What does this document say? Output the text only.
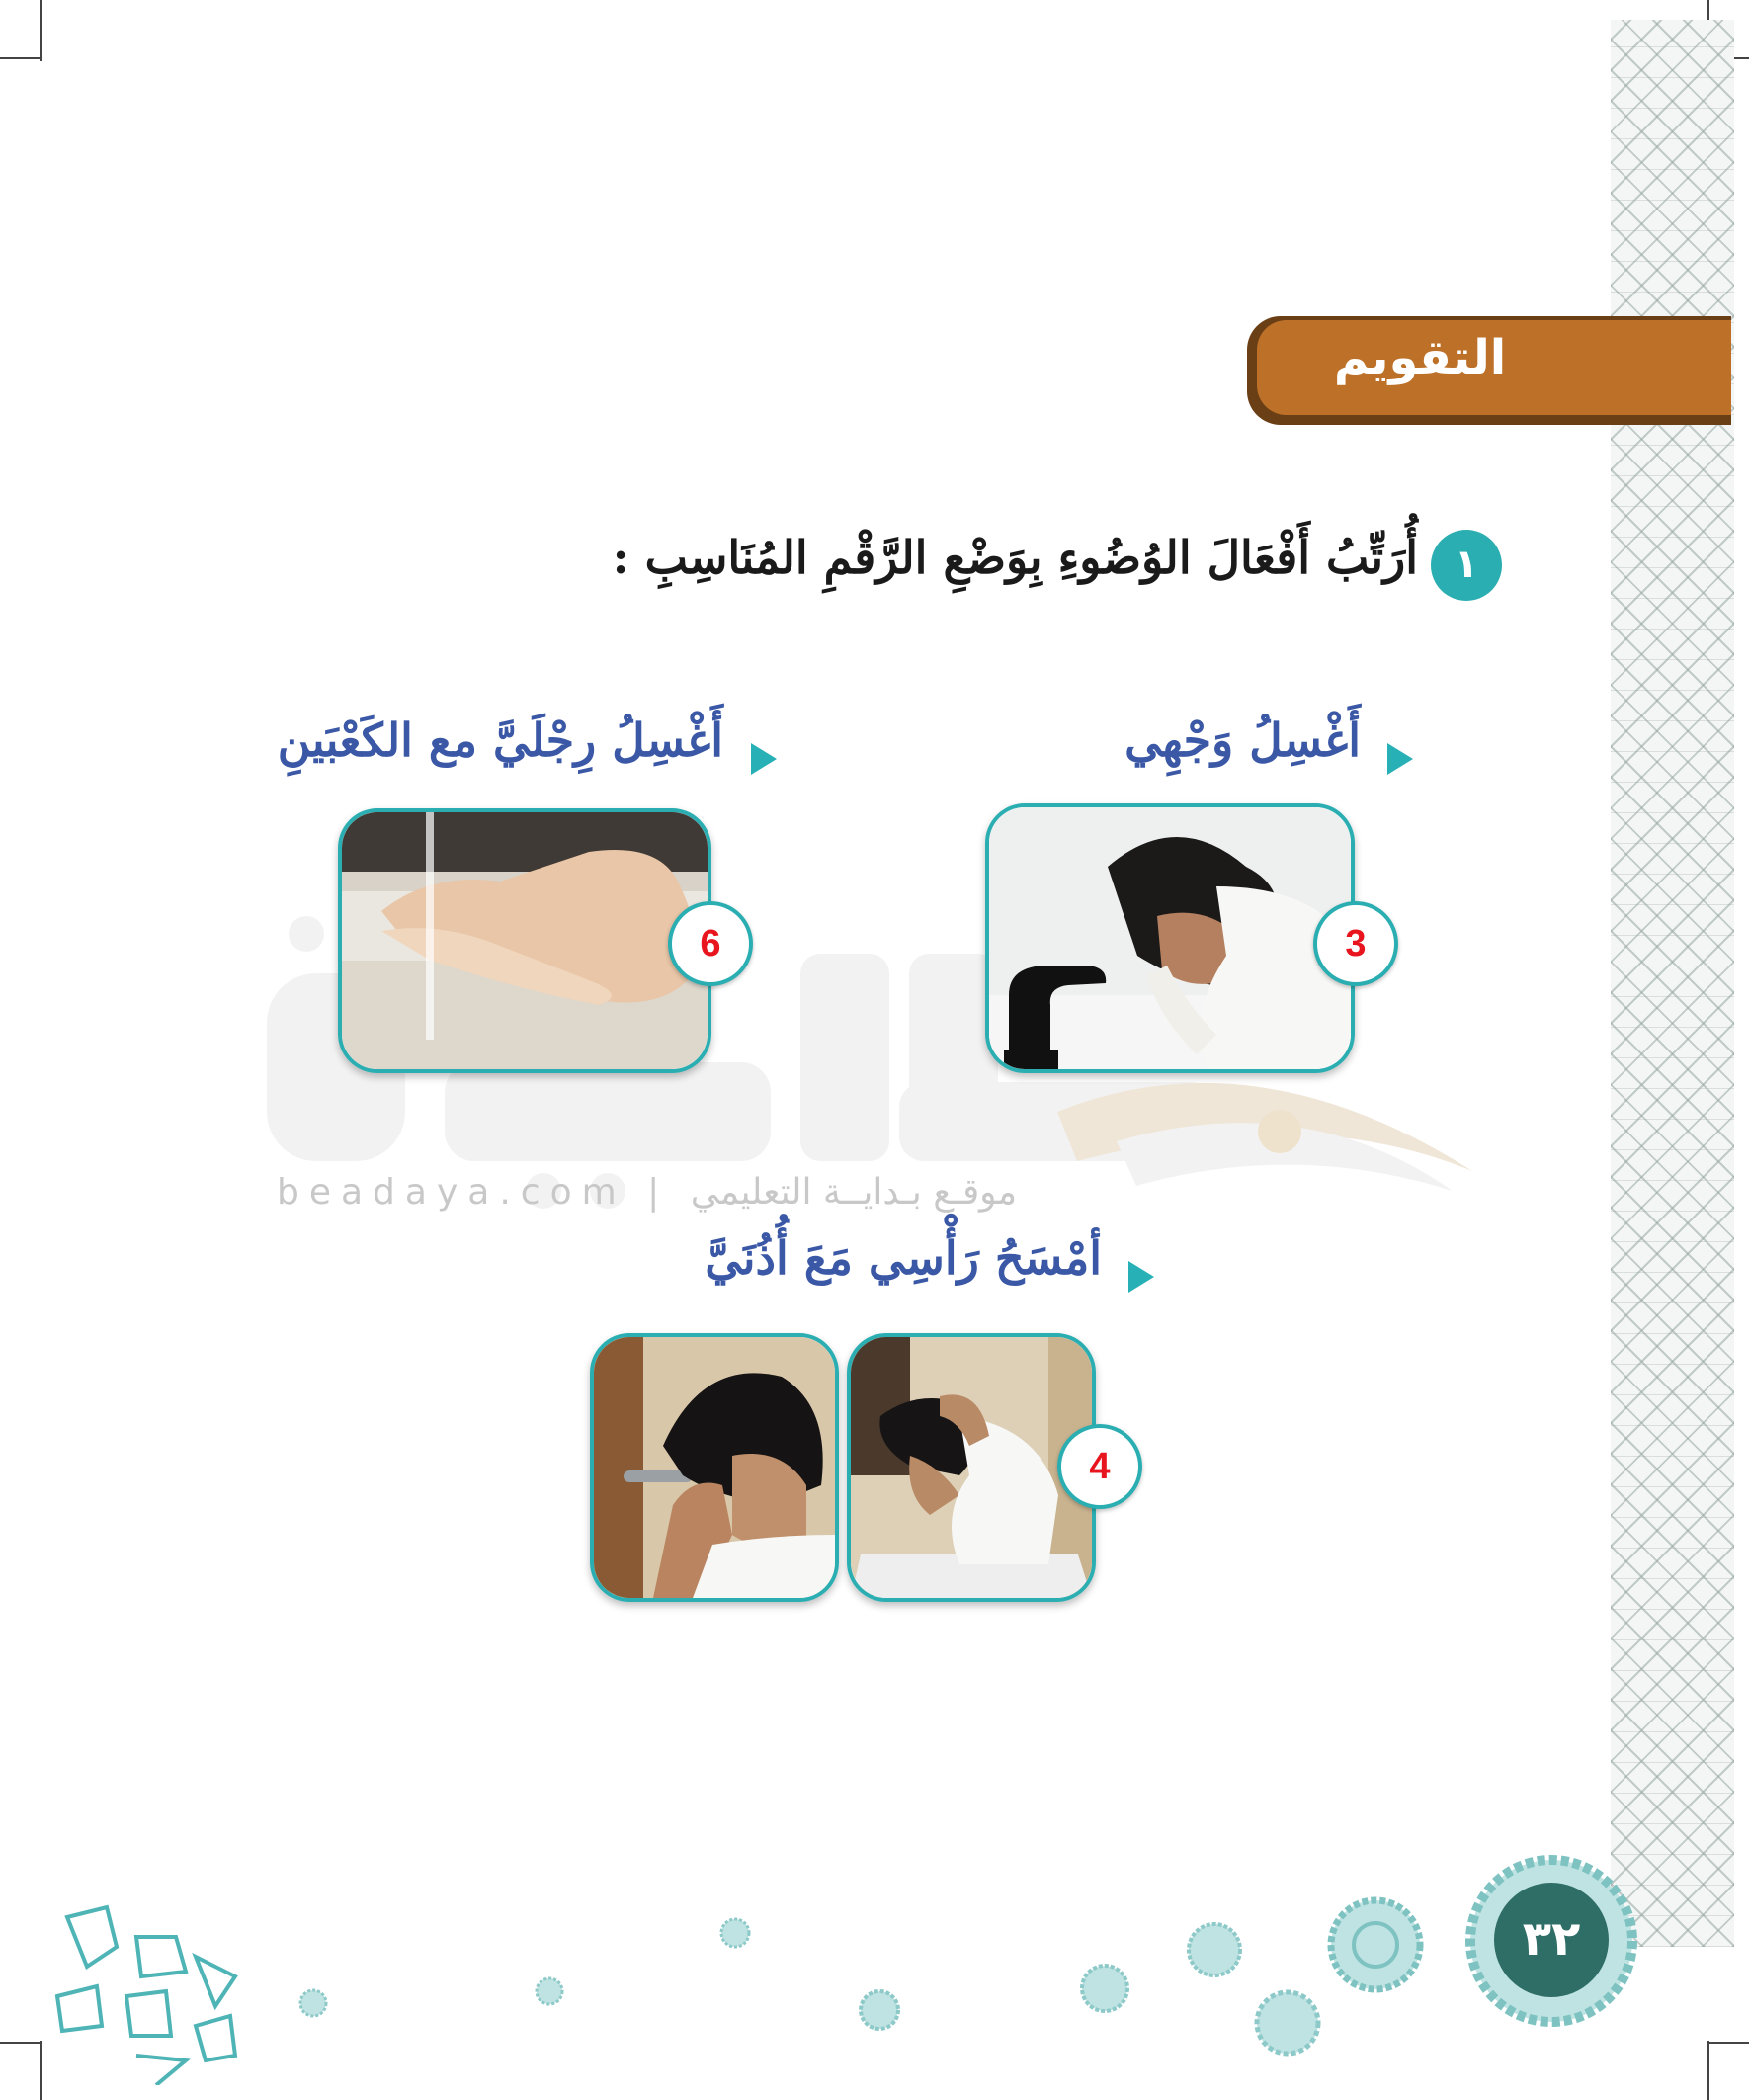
beadaya.com | موقـع بـدايــة التعليمي
التقويم
١
أُرَتِّبُ أَفْعَالَ الوُضُوءِ بِوَضْعِ الرَّقْمِ المُنَاسِبِ :
أَغْسِلُ وَجْهِي
3
أَغْسِلُ رِجْلَيَّ مع الكَعْبَينِ
6
أمْسَحُ رَأْسِي مَعَ أُذُنَيَّ
4
٣٢
